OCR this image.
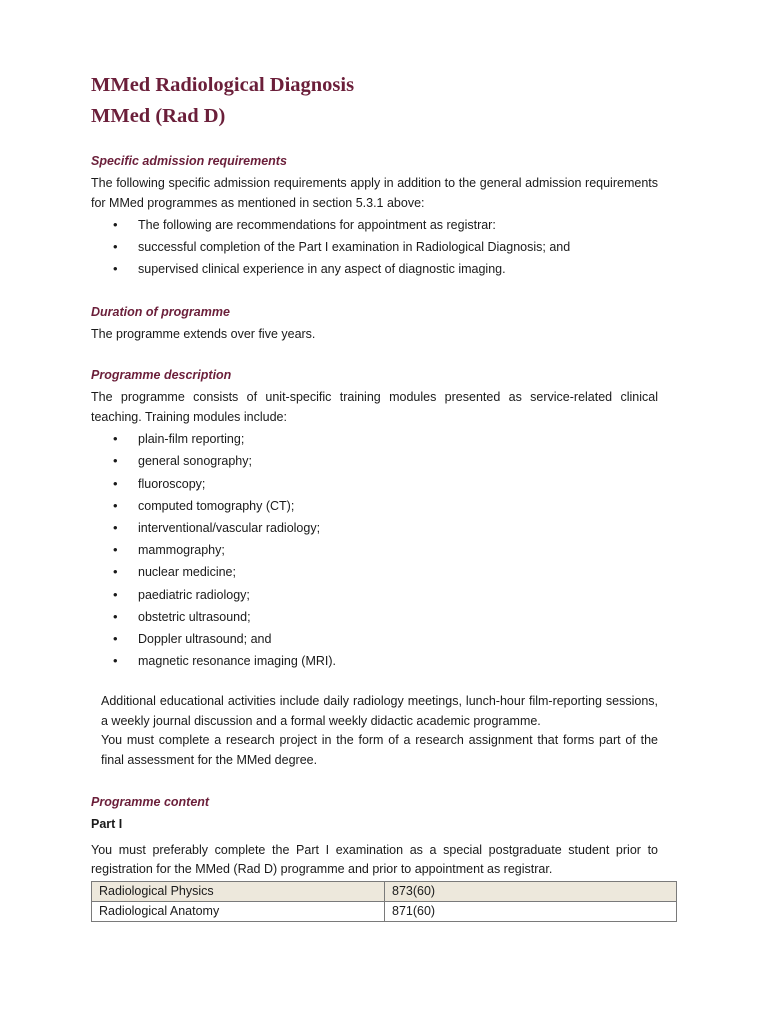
MMed Radiological Diagnosis
MMed (Rad D)
Specific admission requirements

The following specific admission requirements apply in addition to the general admission requirements for MMed programmes as mentioned in section 5.3.1 above:

• The following are recommendations for appointment as registrar:
• successful completion of the Part I examination in Radiological Diagnosis; and
• supervised clinical experience in any aspect of diagnostic imaging.
Duration of programme

The programme extends over five years.

Programme description

The programme consists of unit-specific training modules presented as service-related clinical teaching. Training modules include:

• plain-film reporting;
• general sonography;
• fluoroscopy;
• computed tomography (CT);
• interventional/vascular radiology;
• mammography;
• nuclear medicine;
• paediatric radiology;
• obstetric ultrasound;
• Doppler ultrasound; and
• magnetic resonance imaging (MRI).

Additional educational activities include daily radiology meetings, lunch-hour film-reporting sessions, a weekly journal discussion and a formal weekly didactic academic programme.

You must complete a research project in the form of a research assignment that forms part of the final assessment for the MMed degree.

Programme content

Part I

You must preferably complete the Part I examination as a special postgraduate student prior to registration for the MMed (Rad D) programme and prior to appointment as registrar.

Radiological Physics	873(60)
Radiological Anatomy	871(60)
